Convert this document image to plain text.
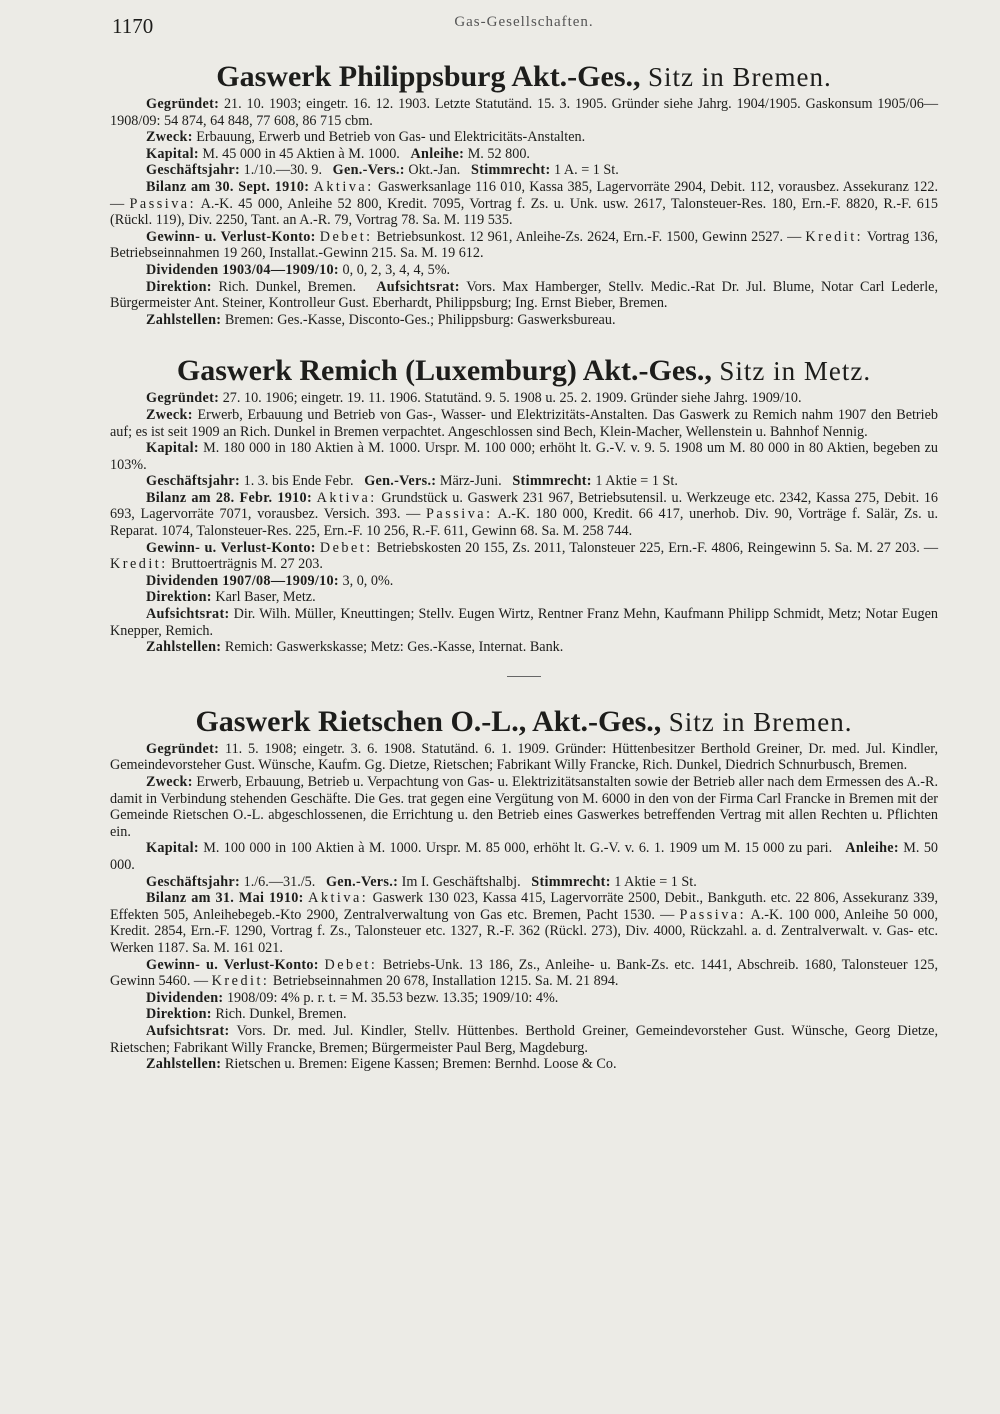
1170	Gas-Gesellschaften.
Gaswerk Philippsburg Akt.-Ges., Sitz in Bremen.

Gegründet: 21. 10. 1903; eingetr. 16. 12. 1903. Letzte Statutänd. 15. 3. 1905. Gründer siehe Jahrg. 1904/1905. Gaskonsum 1905/06—1908/09: 54 874, 64 848, 77 608, 86 715 cbm.

Zweck: Erbauung, Erwerb und Betrieb von Gas- und Elektricitäts-Anstalten.

Kapital: M. 45 000 in 45 Aktien à M. 1000. Anleihe: M. 52 800.

Geschäftsjahr: 1./10.—30. 9. Gen.-Vers.: Okt.-Jan. Stimmrecht: 1 A. = 1 St.

Bilanz am 30. Sept. 1910: Aktiva: Gaswerksanlage 116 010, Kassa 385, Lagervorräte 2904, Debit. 112, vorausbez. Assekuranz 122. — Passiva: A.-K. 45 000, Anleihe 52 800, Kredit. 7095, Vortrag f. Zs. u. Unk. usw. 2617, Talonsteuer-Res. 180, Ern.-F. 8820, R.-F. 615 (Rückl. 119), Div. 2250, Tant. an A.-R. 79, Vortrag 78. Sa. M. 119 535.

Gewinn- u. Verlust-Konto: Debet: Betriebsunkost. 12 961, Anleihe-Zs. 2624, Ern.-F. 1500, Gewinn 2527. — Kredit: Vortrag 136, Betriebseinnahmen 19 260, Installat.-Gewinn 215. Sa. M. 19 612.

Dividenden 1903/04—1909/10: 0, 0, 2, 3, 4, 4, 5%.

Direktion: Rich. Dunkel, Bremen. Aufsichtsrat: Vors. Max Hamberger, Stellv. Medic.-Rat Dr. Jul. Blume, Notar Carl Lederle, Bürgermeister Ant. Steiner, Kontrolleur Gust. Eberhardt, Philippsburg; Ing. Ernst Bieber, Bremen.

Zahlstellen: Bremen: Ges.-Kasse, Disconto-Ges.; Philippsburg: Gaswerksbureau.

Gaswerk Remich (Luxemburg) Akt.-Ges., Sitz in Metz.

Gegründet: 27. 10. 1906; eingetr. 19. 11. 1906. Statutänd. 9. 5. 1908 u. 25. 2. 1909. Gründer siehe Jahrg. 1909/10.

Zweck: Erwerb, Erbauung und Betrieb von Gas-, Wasser- und Elektrizitäts-Anstalten. Das Gaswerk zu Remich nahm 1907 den Betrieb auf; es ist seit 1909 an Rich. Dunkel in Bremen verpachtet. Angeschlossen sind Bech, Klein-Macher, Wellenstein u. Bahnhof Nennig.

Kapital: M. 180 000 in 180 Aktien à M. 1000. Urspr. M. 100 000; erhöht lt. G.-V. v. 9. 5. 1908 um M. 80 000 in 80 Aktien, begeben zu 103%.

Geschäftsjahr: 1. 3. bis Ende Febr. Gen.-Vers.: März-Juni. Stimmrecht: 1 Aktie = 1 St.

Bilanz am 28. Febr. 1910: Aktiva: Grundstück u. Gaswerk 231 967, Betriebsutensil. u. Werkzeuge etc. 2342, Kassa 275, Debit. 16 693, Lagervorräte 7071, vorausbez. Versich. 393. — Passiva: A.-K. 180 000, Kredit. 66 417, unerhob. Div. 90, Vorträge f. Salär, Zs. u. Reparat. 1074, Talonsteuer-Res. 225, Ern.-F. 10 256, R.-F. 611, Gewinn 68. Sa. M. 258 744.

Gewinn- u. Verlust-Konto: Debet: Betriebskosten 20 155, Zs. 2011, Talonsteuer 225, Ern.-F. 4806, Reingewinn 5. Sa. M. 27 203. — Kredit: Bruttoerträgnis M. 27 203.

Dividenden 1907/08—1909/10: 3, 0, 0%.

Direktion: Karl Baser, Metz.

Aufsichtsrat: Dir. Wilh. Müller, Kneuttingen; Stellv. Eugen Wirtz, Rentner Franz Mehn, Kaufmann Philipp Schmidt, Metz; Notar Eugen Knepper, Remich.

Zahlstellen: Remich: Gaswerkskasse; Metz: Ges.-Kasse, Internat. Bank.

Gaswerk Rietschen O.-L., Akt.-Ges., Sitz in Bremen.

Gegründet: 11. 5. 1908; eingetr. 3. 6. 1908. Statutänd. 6. 1. 1909. Gründer: Hüttenbesitzer Berthold Greiner, Dr. med. Jul. Kindler, Gemeindevorsteher Gust. Wünsche, Kaufm. Gg. Dietze, Rietschen; Fabrikant Willy Francke, Rich. Dunkel, Diedrich Schnurbusch, Bremen.

Zweck: Erwerb, Erbauung, Betrieb u. Verpachtung von Gas- u. Elektrizitätsanstalten sowie der Betrieb aller nach dem Ermessen des A.-R. damit in Verbindung stehenden Geschäfte. Die Ges. trat gegen eine Vergütung von M. 6000 in den von der Firma Carl Francke in Bremen mit der Gemeinde Rietschen O.-L. abgeschlossenen, die Errichtung u. den Betrieb eines Gaswerkes betreffenden Vertrag mit allen Rechten u. Pflichten ein.

Kapital: M. 100 000 in 100 Aktien à M. 1000. Urspr. M. 85 000, erhöht lt. G.-V. v. 6. 1. 1909 um M. 15 000 zu pari. Anleihe: M. 50 000.

Geschäftsjahr: 1./6.—31./5. Gen.-Vers.: Im I. Geschäftshalbj. Stimmrecht: 1 Aktie = 1 St.

Bilanz am 31. Mai 1910: Aktiva: Gaswerk 130 023, Kassa 415, Lagervorräte 2500, Debit., Bankguth. etc. 22 806, Assekuranz 339, Effekten 505, Anleihebegeb.-Kto 2900, Zentralverwaltung von Gas etc. Bremen, Pacht 1530. — Passiva: A.-K. 100 000, Anleihe 50 000, Kredit. 2854, Ern.-F. 1290, Vortrag f. Zs., Talonsteuer etc. 1327, R.-F. 362 (Rückl. 273), Div. 4000, Rückzahl. a. d. Zentralverwalt. v. Gas- etc. Werken 1187. Sa. M. 161 021.

Gewinn- u. Verlust-Konto: Debet: Betriebs-Unk. 13 186, Zs., Anleihe- u. Bank-Zs. etc. 1441, Abschreib. 1680, Talonsteuer 125, Gewinn 5460. — Kredit: Betriebseinnahmen 20 678, Installation 1215. Sa. M. 21 894.

Dividenden: 1908/09: 4% p. r. t. = M. 35.53 bezw. 13.35; 1909/10: 4%.

Direktion: Rich. Dunkel, Bremen.

Aufsichtsrat: Vors. Dr. med. Jul. Kindler, Stellv. Hüttenbes. Berthold Greiner, Gemeindevorsteher Gust. Wünsche, Georg Dietze, Rietschen; Fabrikant Willy Francke, Bremen; Bürgermeister Paul Berg, Magdeburg.

Zahlstellen: Rietschen u. Bremen: Eigene Kassen; Bremen: Bernhd. Loose & Co.
